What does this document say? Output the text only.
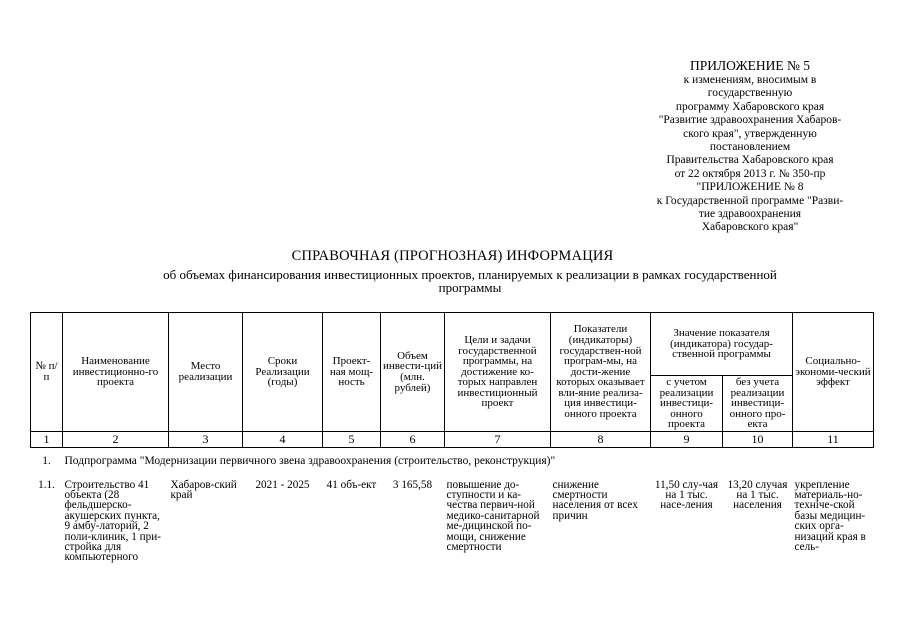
ПРИЛОЖЕНИЕ № 5
к изменениям, вносимым в
государственную
программу Хабаровского края
"Развитие здравоохранения Хабаров-
ского края", утвержденную
постановлением
Правительства Хабаровского края
от 22 октября 2013 г. № 350-пр
"ПРИЛОЖЕНИЕ № 8
к Государственной программе "Разви-
тие здравоохранения
Хабаровского края"
СПРАВОЧНАЯ (ПРОГНОЗНАЯ) ИНФОРМАЦИЯ
об объемах финансирования инвестиционных проектов, планируемых к реализации в рамках государственной программы
№ п/п	Наименование инвестиционно-го проекта	Место реализации	Сроки Реализации (годы)	Проект-ная мощ-ность	Объем инвести-ций (млн. рублей)	Цели и задачи государственной программы, на достижение ко-торых направлен инвестиционный проект	Показатели (индикаторы) государствен-ной програм-мы, на дости-жение которых оказывает вли-яние реализа-ция инвестици-онного проекта	Значение показателя (индикатора) государ-ственной программы		Социально-экономи-ческий эффект
								с учетом реализации инвестици-онного проекта	без учета реализации инвестици-онного про-екта	
1	2	3	4	5	6	7	8	9	10	11
1.	Подпрограмма "Модернизации первичного звена здравоохранения (строительство, реконструкция)"									
1.1.	Строительство 41 объекта (28 фельдшерско-акушерских пункта, 9 амбу-латорий, 2 поли-клиник, 1 при-стройка для компьютерного	Хабаров-ский край	2021 - 2025	41 объ-ект	3 165,58	повышение до-ступности и ка-чества первич-ной медико-санитарной ме-дицинской по-мощи, снижение смертности	снижение смертности населения от всех причин	11,50 слу-чая на 1 тыс. насе-ления	13,20 случая на 1 тыс. населения	укрепление материаль-но-технiче-ской базы медицин-ских орга-низаций края в сель-
